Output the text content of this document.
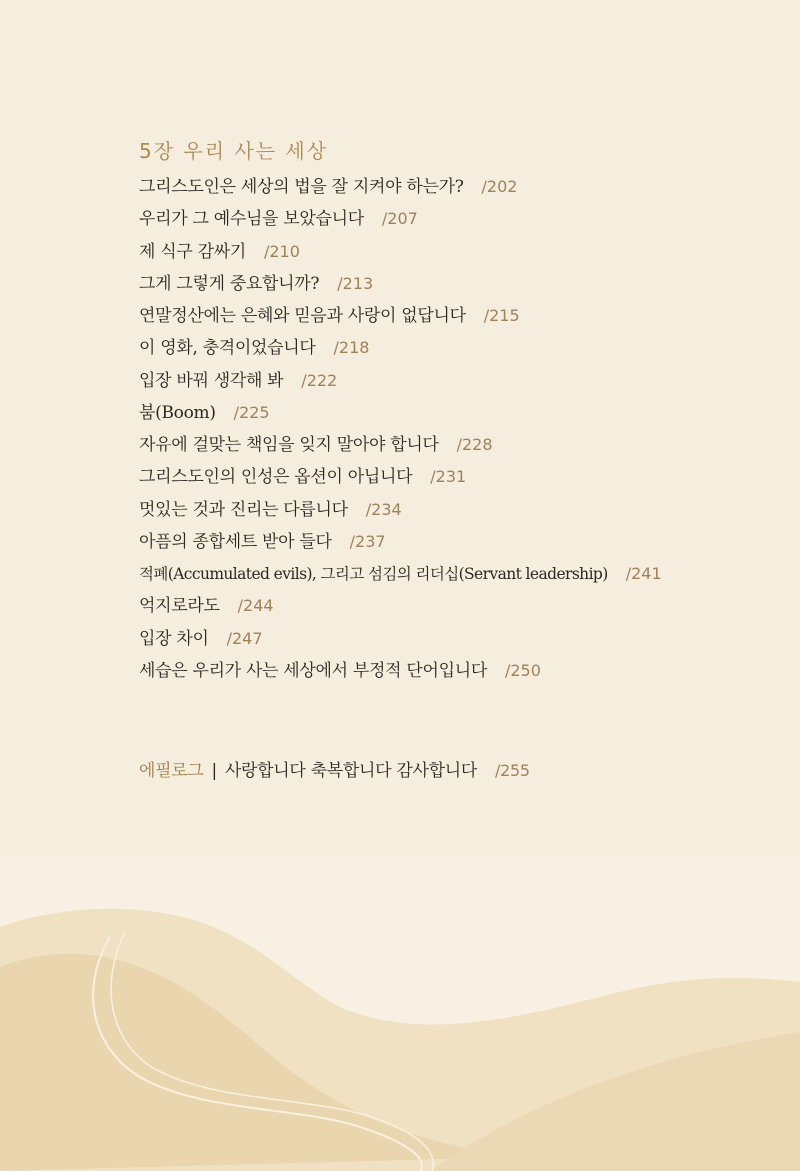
5장 우리 사는 세상
그리스도인은 세상의 법을 잘 지켜야 하는가? /202
우리가 그 예수님을 보았습니다 /207
제 식구 감싸기 /210
그게 그렇게 중요합니까? /213
연말정산에는 은혜와 믿음과 사랑이 없답니다 /215
이 영화, 충격이었습니다 /218
입장 바꿔 생각해 봐 /222
붐(Boom) /225
자유에 걸맞는 책임을 잊지 말아야 합니다 /228
그리스도인의 인성은 옵션이 아닙니다 /231
멋있는 것과 진리는 다릅니다 /234
아픔의 종합세트 받아 들다 /237
적폐(Accumulated evils), 그리고 섬김의 리더십(Servant leadership) /241
억지로라도 /244
입장 차이 /247
세습은 우리가 사는 세상에서 부정적 단어입니다 /250
에필로그 | 사랑합니다 축복합니다 감사합니다 /255
